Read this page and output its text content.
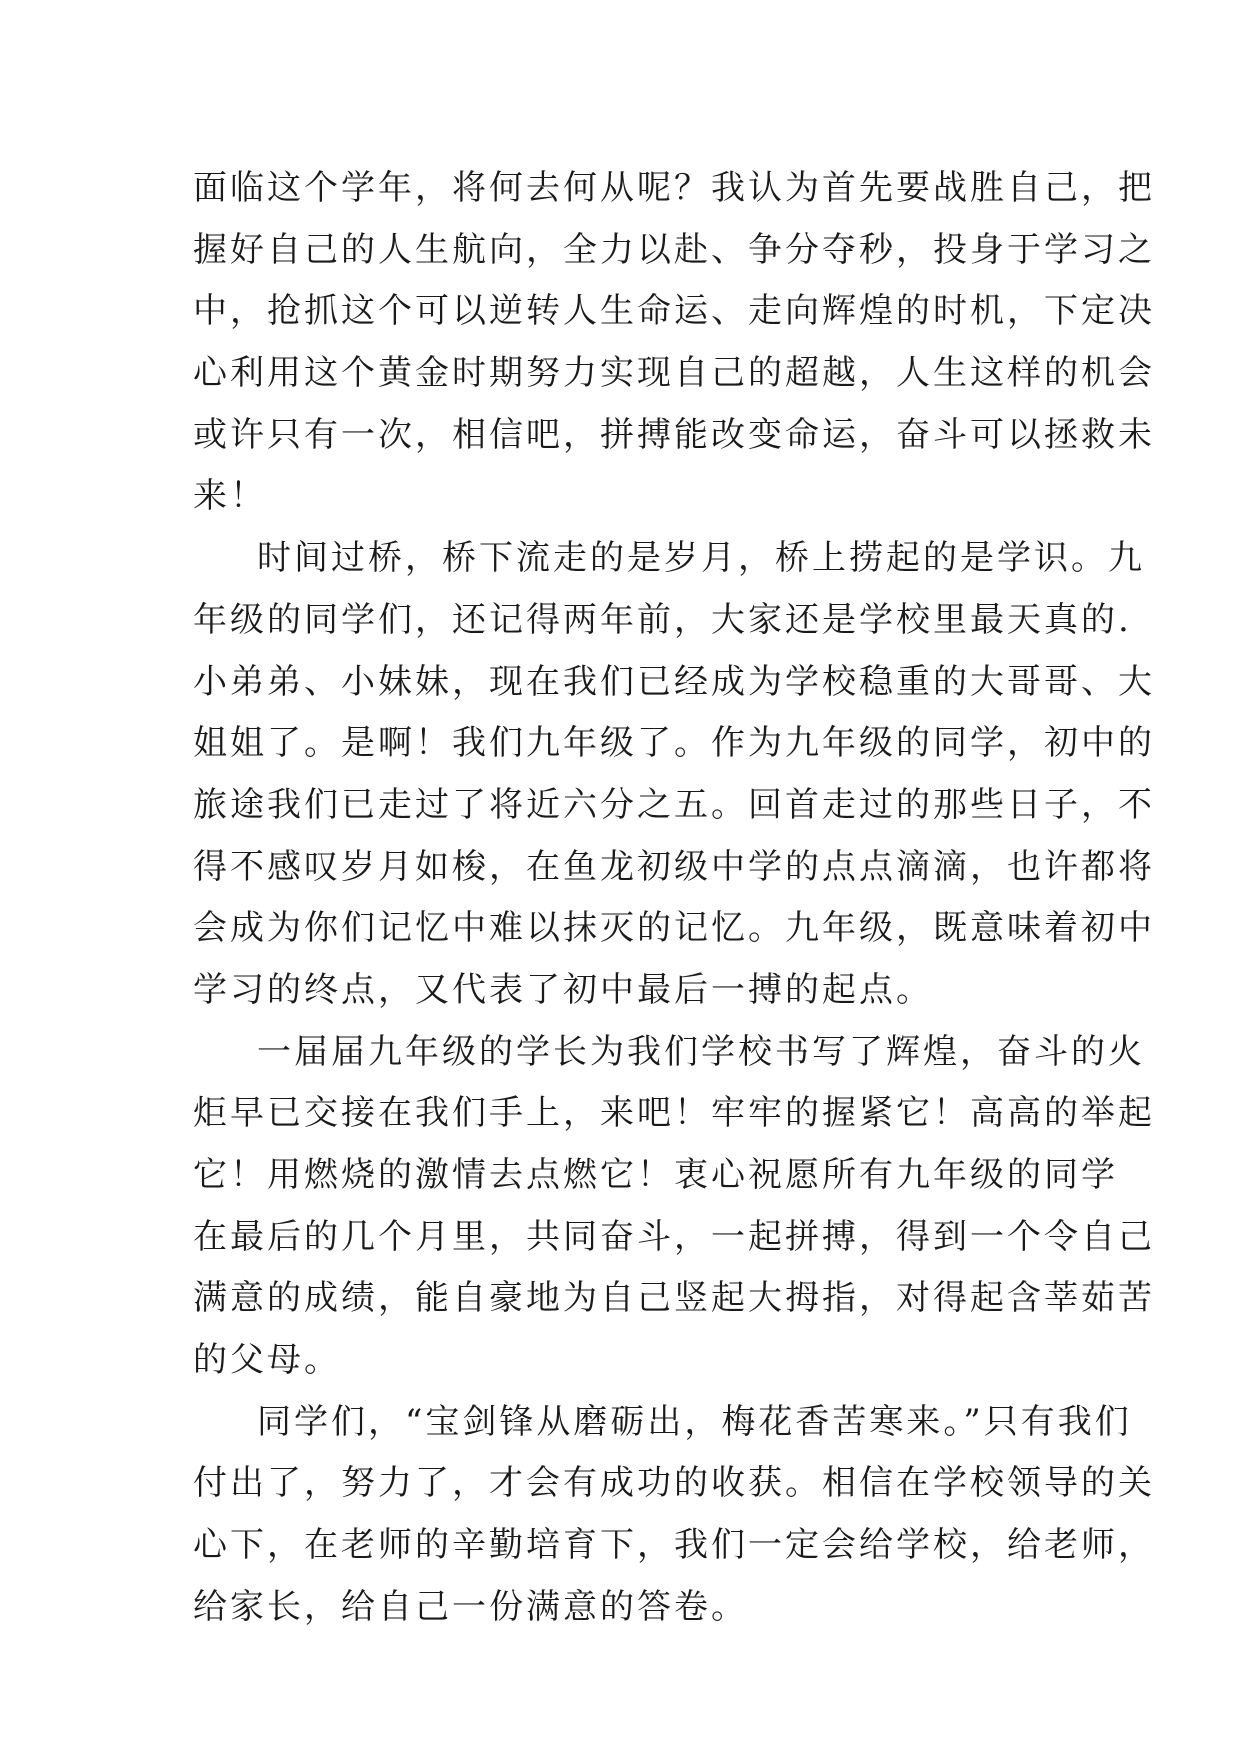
面临这个学年，将何去何从呢？我认为首先要战胜自己，把
握好自己的人生航向，全力以赴、争分夺秒，投身于学习之
中，抢抓这个可以逆转人生命运、走向辉煌的时机，下定决
心利用这个黄金时期努力实现自己的超越，人生这样的机会
或许只有一次，相信吧，拼搏能改变命运，奋斗可以拯救未
来！
时间过桥，桥下流走的是岁月，桥上捞起的是学识。九
年级的同学们，还记得两年前，大家还是学校里最天真的.
小弟弟、小妹妹，现在我们已经成为学校稳重的大哥哥、大
姐姐了。是啊！我们九年级了。作为九年级的同学，初中的
旅途我们已走过了将近六分之五。回首走过的那些日子，不
得不感叹岁月如梭，在鱼龙初级中学的点点滴滴，也许都将
会成为你们记忆中难以抹灭的记忆。九年级，既意味着初中
学习的终点，又代表了初中最后一搏的起点。
一届届九年级的学长为我们学校书写了辉煌，奋斗的火
炬早已交接在我们手上，来吧！牢牢的握紧它！高高的举起
它！用燃烧的激情去点燃它！衷心祝愿所有九年级的同学
在最后的几个月里，共同奋斗，一起拼搏，得到一个令自己
满意的成绩，能自豪地为自己竖起大拇指，对得起含莘茹苦
的父母。
同学们，“宝剑锋从磨砺出，梅花香苦寒来。”只有我们
付出了，努力了，才会有成功的收获。相信在学校领导的关
心下，在老师的辛勤培育下，我们一定会给学校，给老师，
给家长，给自己一份满意的答卷。
